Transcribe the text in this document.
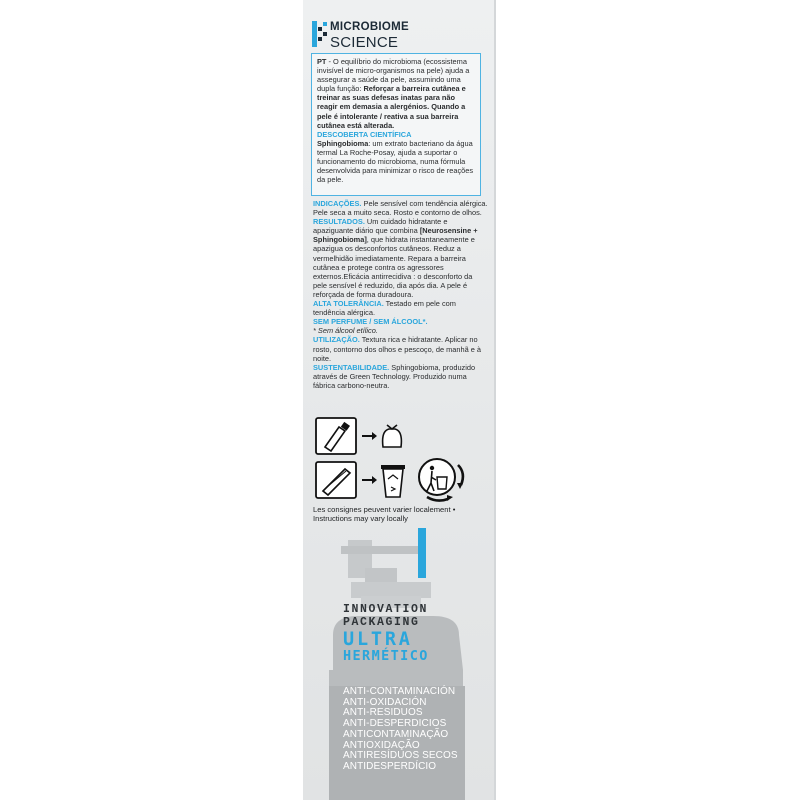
MICROBIOME
SCIENCE

PT - O equilíbrio do microbioma (ecossistema invisível de micro-organismos na pele) ajuda a assegurar a saúde da pele, assumindo uma dupla função: Reforçar a barreira cutânea e treinar as suas defesas inatas para não reagir em demasia a alergénios. Quando a pele é intolerante / reativa a sua barreira cutânea está alterada.

DESCOBERTA CIENTÍFICA

Sphingobioma: um extrato bacteriano da água termal La Roche-Posay, ajuda a suportar o funcionamento do microbioma, numa fórmula desenvolvida para minimizar o risco de reações da pele.

INDICAÇÕES. Pele sensível com tendência alérgica. Pele seca a muito seca. Rosto e contorno de olhos.

RESULTADOS. Um cuidado hidratante e apaziguante diário que combina [Neurosensine + Sphingobioma], que hidrata instantaneamente e apazigua os desconfortos cutâneos. Reduz a vermelhidão imediatamente. Repara a barreira cutânea e protege contra os agressores externos.Eficácia antirrecidiva : o desconforto da pele sensível é reduzido, dia após dia. A pele é reforçada de forma duradoura.

ALTA TOLERÂNCIA. Testado em pele com tendência alérgica.

SEM PERFUME / SEM ÁLCOOL*.

* Sem álcool etílico.

UTILIZAÇÃO. Textura rica e hidratante. Aplicar no rosto, contorno dos olhos e pescoço, de manhã e à noite.

SUSTENTABILIDADE. Sphingobioma, produzido através de Green Technology. Produzido numa fábrica carbono-neutra.

Les consignes peuvent varier localement •
Instructions may vary locally
INNOVATION
PACKAGING
ULTRA
HERMÉTICO
ANTI-CONTAMINACIÓN
ANTI-OXIDACIÓN
ANTI-RESIDUOS
ANTI-DESPERDICIOS
ANTICONTAMINAÇÃO
ANTIOXIDAÇÃO
ANTIRESÍDUOS SECOS
ANTIDESPERDÍCIO
